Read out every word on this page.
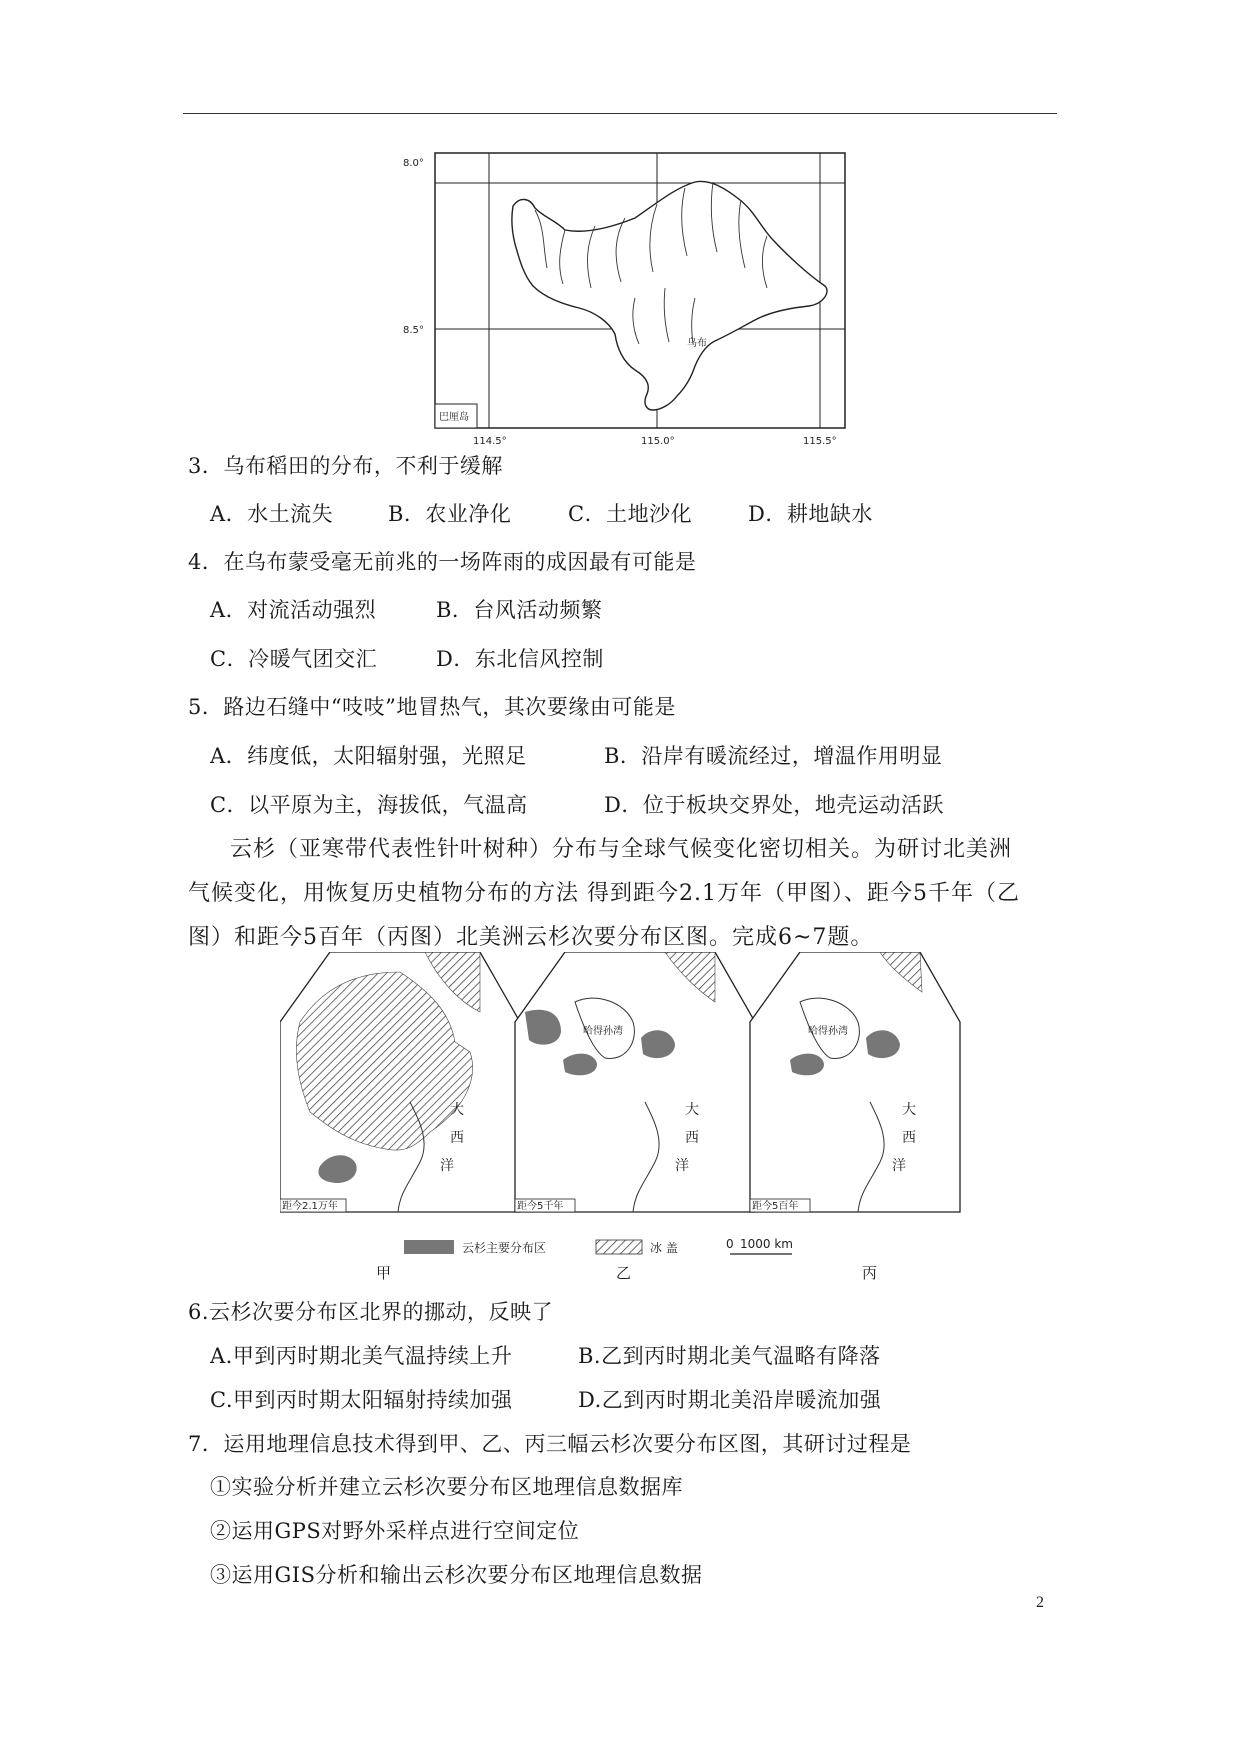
8.0°
8.5°
114.5°	115.0°	115.5°
乌布
巴厘岛
3．乌布稻田的分布，不利于缓解
A．水土流失	B．农业净化	C．土地沙化	D．耕地缺水
4．在乌布蒙受毫无前兆的一场阵雨的成因最有可能是
A．对流活动强烈	B．台风活动频繁
C．冷暖气团交汇	D．东北信风控制
5．路边石缝中“吱吱”地冒热气，其次要缘由可能是
A．纬度低，太阳辐射强，光照足	B．沿岸有暖流经过，增温作用明显
C．以平原为主，海拔低，气温高	D．位于板块交界处，地壳运动活跃

云杉（亚寒带代表性针叶树种）分布与全球气候变化密切相关。为研讨北美洲

气候变化，用恢复历史植物分布的方法 得到距今2.1万年（甲图）、距今5千年（乙

图）和距今5百年（丙图）北美洲云杉次要分布区图。完成6~7题。

大
西
洋
距今2.1万年
哈得孙湾
大
西
洋
距今5千年
哈得孙湾
大
西
洋
距今5百年
云杉主要分布区	冰 盖	0 1000 km
甲	乙	丙
6.云杉次要分布区北界的挪动，反映了
A.甲到丙时期北美气温持续上升	B.乙到丙时期北美气温略有降落
C.甲到丙时期太阳辐射持续加强	D.乙到丙时期北美沿岸暖流加强
7．运用地理信息技术得到甲、乙、丙三幅云杉次要分布区图，其研讨过程是
①实验分析并建立云杉次要分布区地理信息数据库
②运用GPS对野外采样点进行空间定位
③运用GIS分析和输出云杉次要分布区地理信息数据
2
